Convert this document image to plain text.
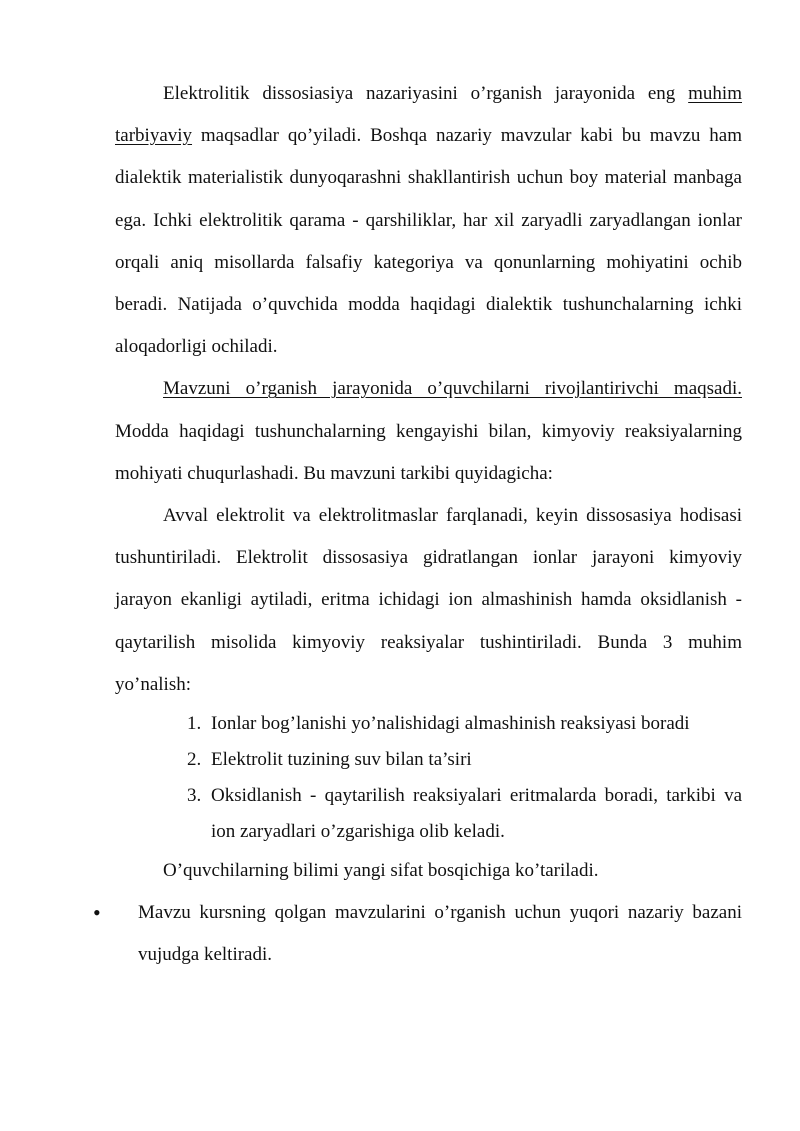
Elektrolitik dissosiasiya nazariyasini o’rganish jarayonida eng muhim tarbiyaviy maqsadlar qo’yiladi. Boshqa nazariy mavzular kabi bu mavzu ham dialektik materialistik dunyoqarashni shakllantirish uchun boy material manbaga ega. Ichki elektrolitik qarama - qarshiliklar, har xil zaryadli zaryadlangan ionlar orqali aniq misollarda falsafiy kategoriya va qonunlarning mohiyatini ochib beradi. Natijada o’quvchida modda haqidagi dialektik tushunchalarning ichki aloqadorligi ochiladi.

Mavzuni o’rganish jarayonida o’quvchilarni rivojlantirivchi maqsadi. Modda haqidagi tushunchalarning kengayishi bilan, kimyoviy reaksiyalarning mohiyati chuqurlashadi. Bu mavzuni tarkibi quyidagicha:

Avval elektrolit va elektrolitmaslar farqlanadi, keyin dissosasiya hodisasi tushuntiriladi. Elektrolit dissosasiya gidratlangan ionlar jarayoni kimyoviy jarayon ekanligi aytiladi, eritma ichidagi ion almashinish hamda oksidlanish - qaytarilish misolida kimyoviy reaksiyalar tushintiriladi. Bunda 3 muhim yo’nalish:

1. Ionlar bog’lanishi yo’nalishidagi almashinish reaksiyasi boradi
2. Elektrolit tuzining suv bilan ta’siri
3. Oksidlanish - qaytarilish reaksiyalari eritmalarda boradi, tarkibi va ion zaryadlari o’zgarishiga olib keladi.

O’quvchilarning bilimi yangi sifat bosqichiga ko’tariladi.

•	Mavzu kursning qolgan mavzularini o’rganish uchun yuqori nazariy bazani vujudga keltiradi.
